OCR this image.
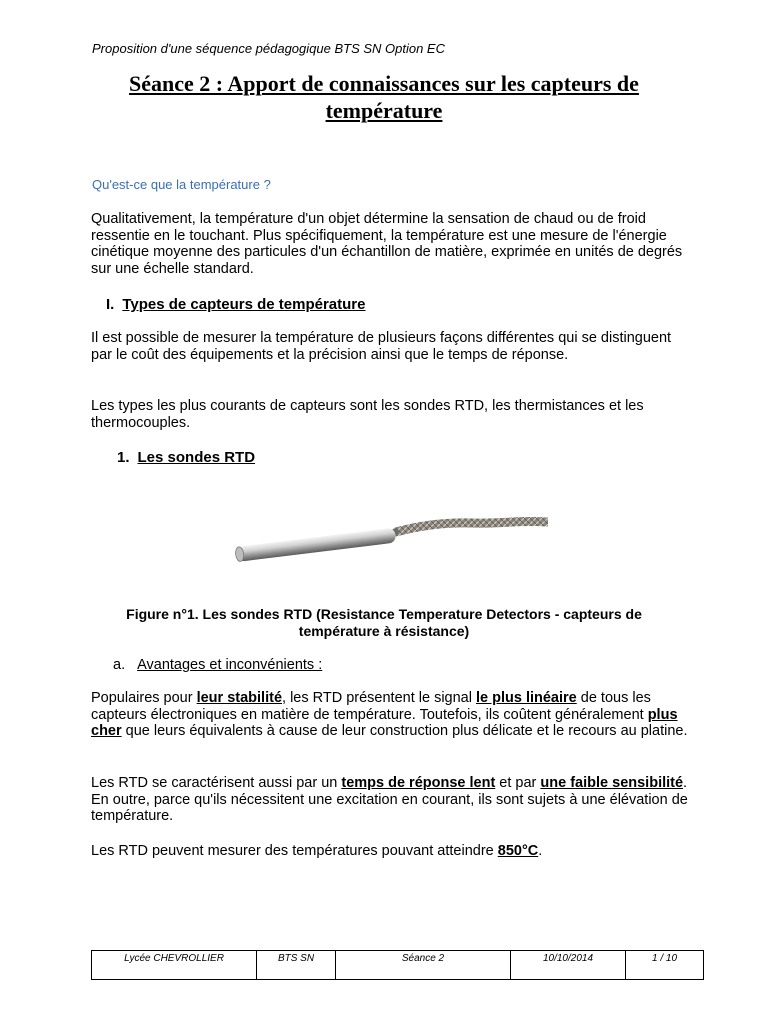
Proposition d'une séquence pédagogique BTS SN Option EC
Séance 2 : Apport de connaissances sur les capteurs de
température
Qu'est-ce que la température ?
Qualitativement, la température d'un objet détermine la sensation de chaud ou de froid ressentie en le touchant. Plus spécifiquement, la température est une mesure de l'énergie cinétique moyenne des particules d'un échantillon de matière, exprimée en unités de degrés sur une échelle standard.
I. Types de capteurs de température
Il est possible de mesurer la température de plusieurs façons différentes qui se distinguent par le coût des équipements et la précision ainsi que le temps de réponse.
Les types les plus courants de capteurs sont les sondes RTD, les thermistances et les thermocouples.
1. Les sondes RTD
Figure n°1. Les sondes RTD (Resistance Temperature Detectors - capteurs de
température à résistance)
a. Avantages et inconvénients :
Populaires pour leur stabilité, les RTD présentent le signal le plus linéaire de tous les capteurs électroniques en matière de température. Toutefois, ils coûtent généralement plus cher que leurs équivalents à cause de leur construction plus délicate et le recours au platine.
Les RTD se caractérisent aussi par un temps de réponse lent et par une faible sensibilité. En outre, parce qu'ils nécessitent une excitation en courant, ils sont sujets à une élévation de température.
Les RTD peuvent mesurer des températures pouvant atteindre 850°C.
Lycée CHEVROLLIER	BTS SN	Séance 2	10/10/2014	1 / 10
